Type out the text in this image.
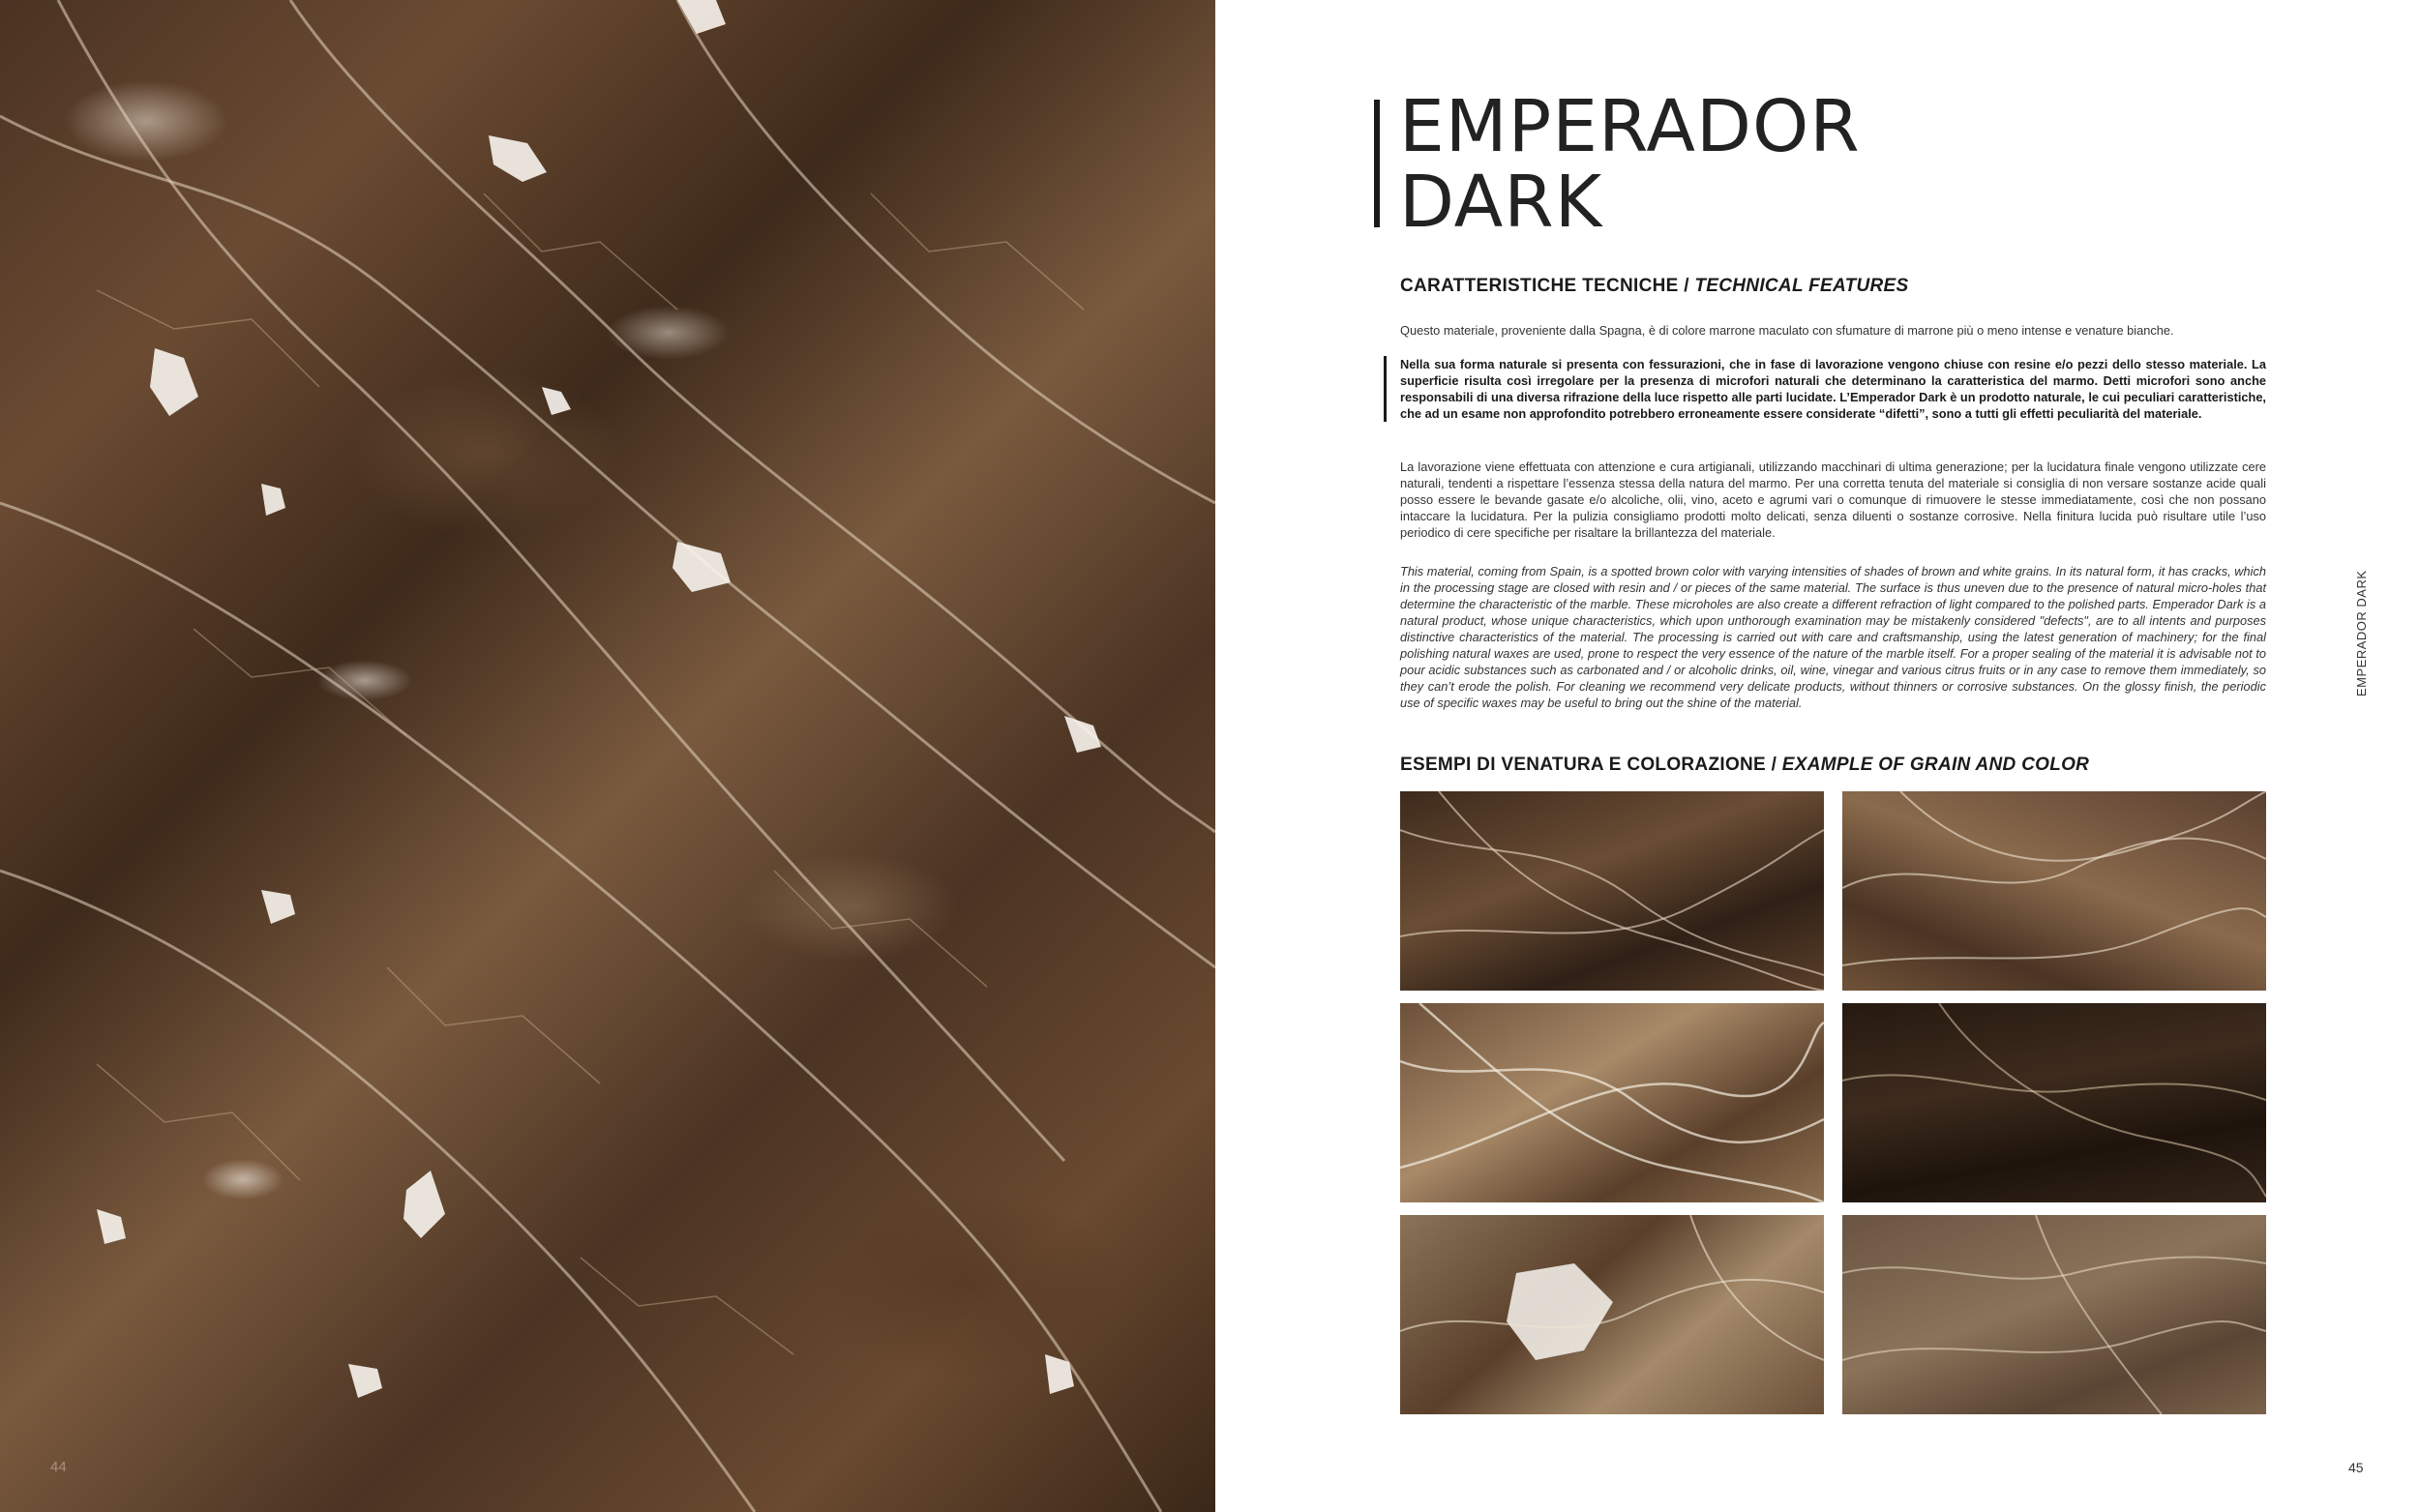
44
EMPERADOR
DARK
CARATTERISTICHE TECNICHE / TECHNICAL FEATURES
Questo materiale, proveniente dalla Spagna, è di colore marrone maculato con sfumature di marrone più o meno intense e venature bianche.
Nella sua forma naturale si presenta con fessurazioni, che in fase di lavorazione vengono chiuse con resine e/o pezzi dello stesso materiale. La superficie risulta così irregolare per la presenza di microfori naturali che determinano la caratteristica del marmo. Detti microfori sono anche responsabili di una diversa rifrazione della luce rispetto alle parti lucidate. L’Emperador Dark è un prodotto naturale, le cui peculiari caratteristiche, che ad un esame non approfondito potrebbero erroneamente essere considerate “difetti”, sono a tutti gli effetti peculiarità del materiale.
La lavorazione viene effettuata con attenzione e cura artigianali, utilizzando macchinari di ultima generazione; per la lucidatura finale vengono utilizzate cere naturali, tendenti a rispettare l’essenza stessa della natura del marmo. Per una corretta tenuta del materiale si consiglia di non versare sostanze acide quali posso essere le bevande gasate e/o alcoliche, olii, vino, aceto e agrumi vari o comunque di rimuovere le stesse immediatamente, così che non possano intaccare la lucidatura. Per la pulizia consigliamo prodotti molto delicati, senza diluenti o sostanze corrosive. Nella finitura lucida può risultare utile l’uso periodico di cere specifiche per risaltare la brillantezza del materiale.
This material, coming from Spain, is a spotted brown color with varying intensities of shades of brown and white grains. In its natural form, it has cracks, which in the processing stage are closed with resin and / or pieces of the same material. The surface is thus uneven due to the presence of natural micro-holes that determine the characteristic of the marble. These microholes are also create a different refraction of light compared to the polished parts. Emperador Dark is a natural product, whose unique characteristics, which upon unthorough examination may be mistakenly considered "defects", are to all intents and purposes distinctive characteristics of the material. The processing is carried out with care and craftsmanship, using the latest generation of machinery; for the final polishing natural waxes are used, prone to respect the very essence of the nature of the marble itself. For a proper sealing of the material it is advisable not to pour acidic substances such as carbonated and / or alcoholic drinks, oil, wine, vinegar and various citrus fruits or in any case to remove them immediately, so they can’t erode the polish. For cleaning we recommend very delicate products, without thinners or corrosive substances. On the glossy finish, the periodic use of specific waxes may be useful to bring out the shine of the material.
ESEMPI DI VENATURA E COLORAZIONE / EXAMPLE OF GRAIN AND COLOR
EMPERADOR DARK
45
